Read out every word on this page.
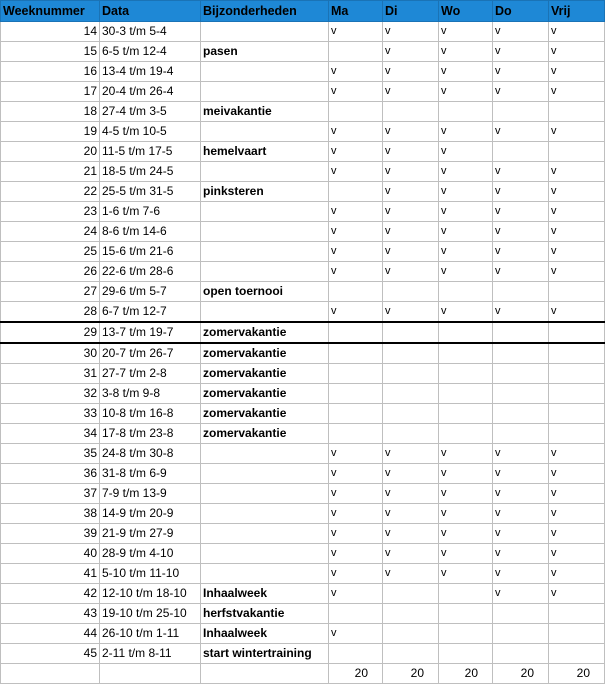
Weeknummer	Data	Bijzonderheden	Ma	Di	Wo	Do	Vrij
14	30-3 t/m 5-4		v	v	v	v	v
15	6-5 t/m 12-4	pasen		v	v	v	v
16	13-4 t/m 19-4		v	v	v	v	v
17	20-4 t/m 26-4		v	v	v	v	v
18	27-4 t/m 3-5	meivakantie					
19	4-5 t/m 10-5		v	v	v	v	v
20	11-5 t/m 17-5	hemelvaart	v	v	v		
21	18-5 t/m 24-5		v	v	v	v	v
22	25-5 t/m 31-5	pinksteren		v	v	v	v
23	1-6 t/m 7-6		v	v	v	v	v
24	8-6 t/m 14-6		v	v	v	v	v
25	15-6 t/m 21-6		v	v	v	v	v
26	22-6 t/m 28-6		v	v	v	v	v
27	29-6 t/m 5-7	open toernooi					
28	6-7 t/m 12-7		v	v	v	v	v
29	13-7 t/m 19-7	zomervakantie					
30	20-7 t/m 26-7	zomervakantie					
31	27-7 t/m 2-8	zomervakantie					
32	3-8 t/m 9-8	zomervakantie					
33	10-8 t/m 16-8	zomervakantie					
34	17-8 t/m 23-8	zomervakantie					
35	24-8 t/m 30-8		v	v	v	v	v
36	31-8 t/m 6-9		v	v	v	v	v
37	7-9 t/m 13-9		v	v	v	v	v
38	14-9 t/m 20-9		v	v	v	v	v
39	21-9 t/m 27-9		v	v	v	v	v
40	28-9 t/m 4-10		v	v	v	v	v
41	5-10 t/m 11-10		v	v	v	v	v
42	12-10 t/m 18-10	Inhaalweek	v			v	v
43	19-10 t/m 25-10	herfstvakantie					
44	26-10 t/m 1-11	Inhaalweek	v				
45	2-11 t/m 8-11	start wintertraining					
			20	20	20	20	20
